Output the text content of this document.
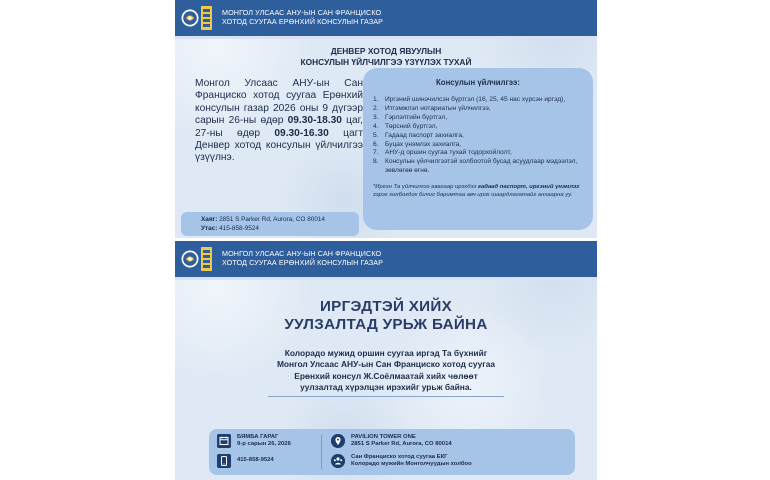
МОНГОЛ УЛСААС АНУ-ЫН САН ФРАНЦИСКО
ХОТОД СУУГАА ЕРӨНХИЙ КОНСУЛЫН ГАЗАР
ДЕНВЕР ХОТОД ЯВУУЛЫН
КОНСУЛЫН ҮЙЛЧИЛГЭЭ ҮЗҮҮЛЭХ ТУХАЙ
Монгол Улсаас АНУ-ын Сан Франциско хотод суугаа Ерөнхий консулын газар 2026 оны 9 дүгээр сарын 26-ны өдөр 09.30-18.30 цаг, 27-ны өдөр 09.30-16.30 цагт Денвер хотод консулын үйлчилгээ үзүүлнэ.
Консулын үйлчилгээ:
1. Иргэний шинэчилсэн бүртгэл (16, 25, 45 нас хүрсэн иргэд),
2. Итгэмжлэл нотариатын үйлчилгээ,
3. Гэрлэлтийн бүртгэл,
4. Төрсний бүртгэл,
5. Гадаад паспорт захиалга,
6. Буцах үнэмлэх захиалга,
7. АНУ-д оршин суугаа тухай тодорхойлолт,
8. Консулын үйлчилгээтэй холбоотой бусад асуудлаар мэдээлэл, зөвлөгөө өгнө.
*Иргэн Та үйлчилгээ авахаар ирэхдээ гадаад паспорт, иргэний үнэмлэх зэрэг холбогдох бичиг баримтаа авч ирэх шаардлагатайг анхаарна уу.
Хаяг: 2851 S Parker Rd, Aurora, CO 80014
Утас: 415-858-9524
МОНГОЛ УЛСААС АНУ-ЫН САН ФРАНЦИСКО
ХОТОД СУУГАА ЕРӨНХИЙ КОНСУЛЫН ГАЗАР
ИРГЭДТЭЙ ХИЙХ
УУЛЗАЛТАД УРЬЖ БАЙНА
Колорадо мужид оршин суугаа иргэд Та бүхнийг
Монгол Улсаас АНУ-ын Сан Франциско хотод суугаа
Ерөнхий консул Ж.Соёлмаатай хийх чөлөөт
уулзалтад хүрэлцэн ирэхийг урьж байна.
БЯМБА ГАРАГ
9-р сарын 26, 2026
415-858-9524
PAVILION TOWER ONE
2851 S Parker Rd, Aurora, CO 80014
Сан Франциско хотод суугаа ЕКГ
Колорадо мужийн Монголчуудын холбоо
